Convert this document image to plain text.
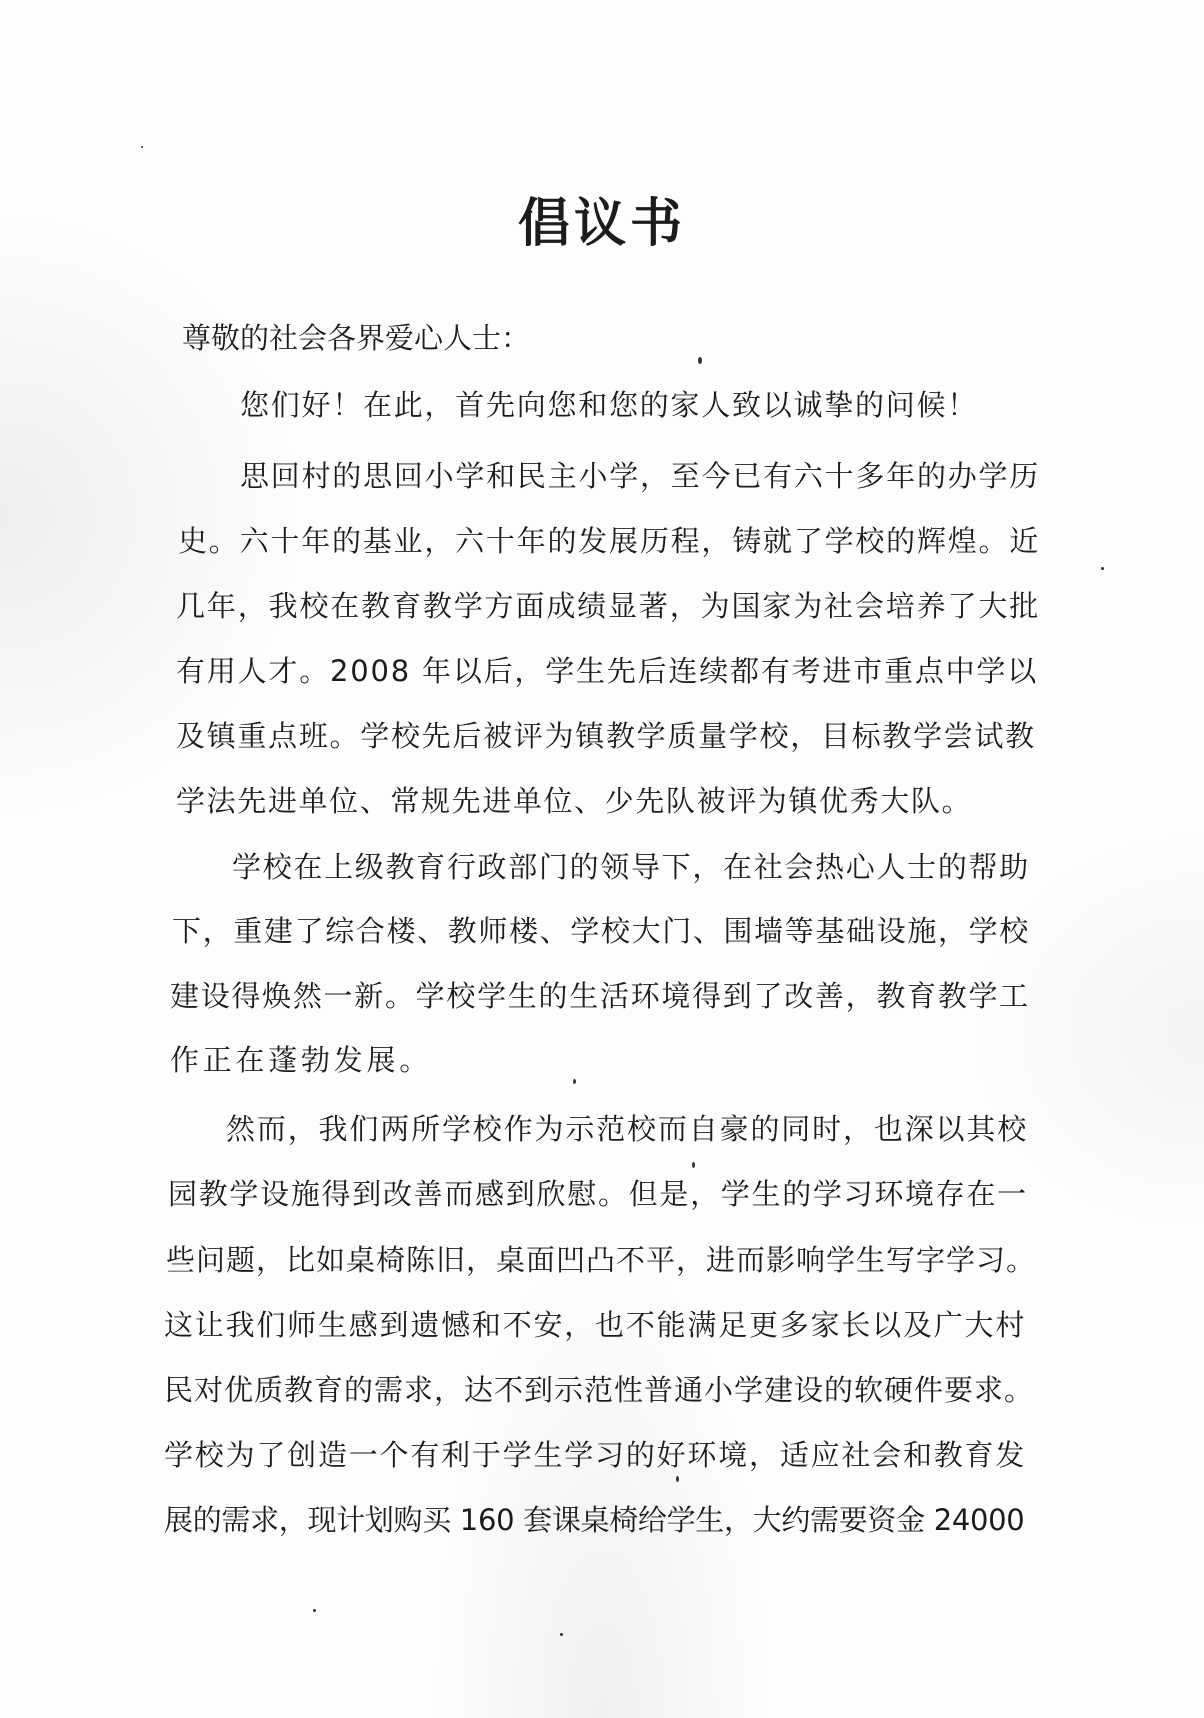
倡议书
尊敬的社会各界爱心人士：
您们好！在此，首先向您和您的家人致以诚挚的问候！
思回村的思回小学和民主小学，至今已有六十多年的办学历
史。六十年的基业，六十年的发展历程，铸就了学校的辉煌。近
几年，我校在教育教学方面成绩显著，为国家为社会培养了大批
有用人才。2008 年以后，学生先后连续都有考进市重点中学以
及镇重点班。学校先后被评为镇教学质量学校，目标教学尝试教
学法先进单位、常规先进单位、少先队被评为镇优秀大队。
学校在上级教育行政部门的领导下，在社会热心人士的帮助
下，重建了综合楼、教师楼、学校大门、围墙等基础设施，学校
建设得焕然一新。学校学生的生活环境得到了改善，教育教学工
作正在蓬勃发展。
然而，我们两所学校作为示范校而自豪的同时，也深以其校
园教学设施得到改善而感到欣慰。但是，学生的学习环境存在一
些问题，比如桌椅陈旧，桌面凹凸不平，进而影响学生写字学习。
这让我们师生感到遗憾和不安，也不能满足更多家长以及广大村
民对优质教育的需求，达不到示范性普通小学建设的软硬件要求。
学校为了创造一个有利于学生学习的好环境，适应社会和教育发
展的需求，现计划购买 160 套课桌椅给学生，大约需要资金 24000
